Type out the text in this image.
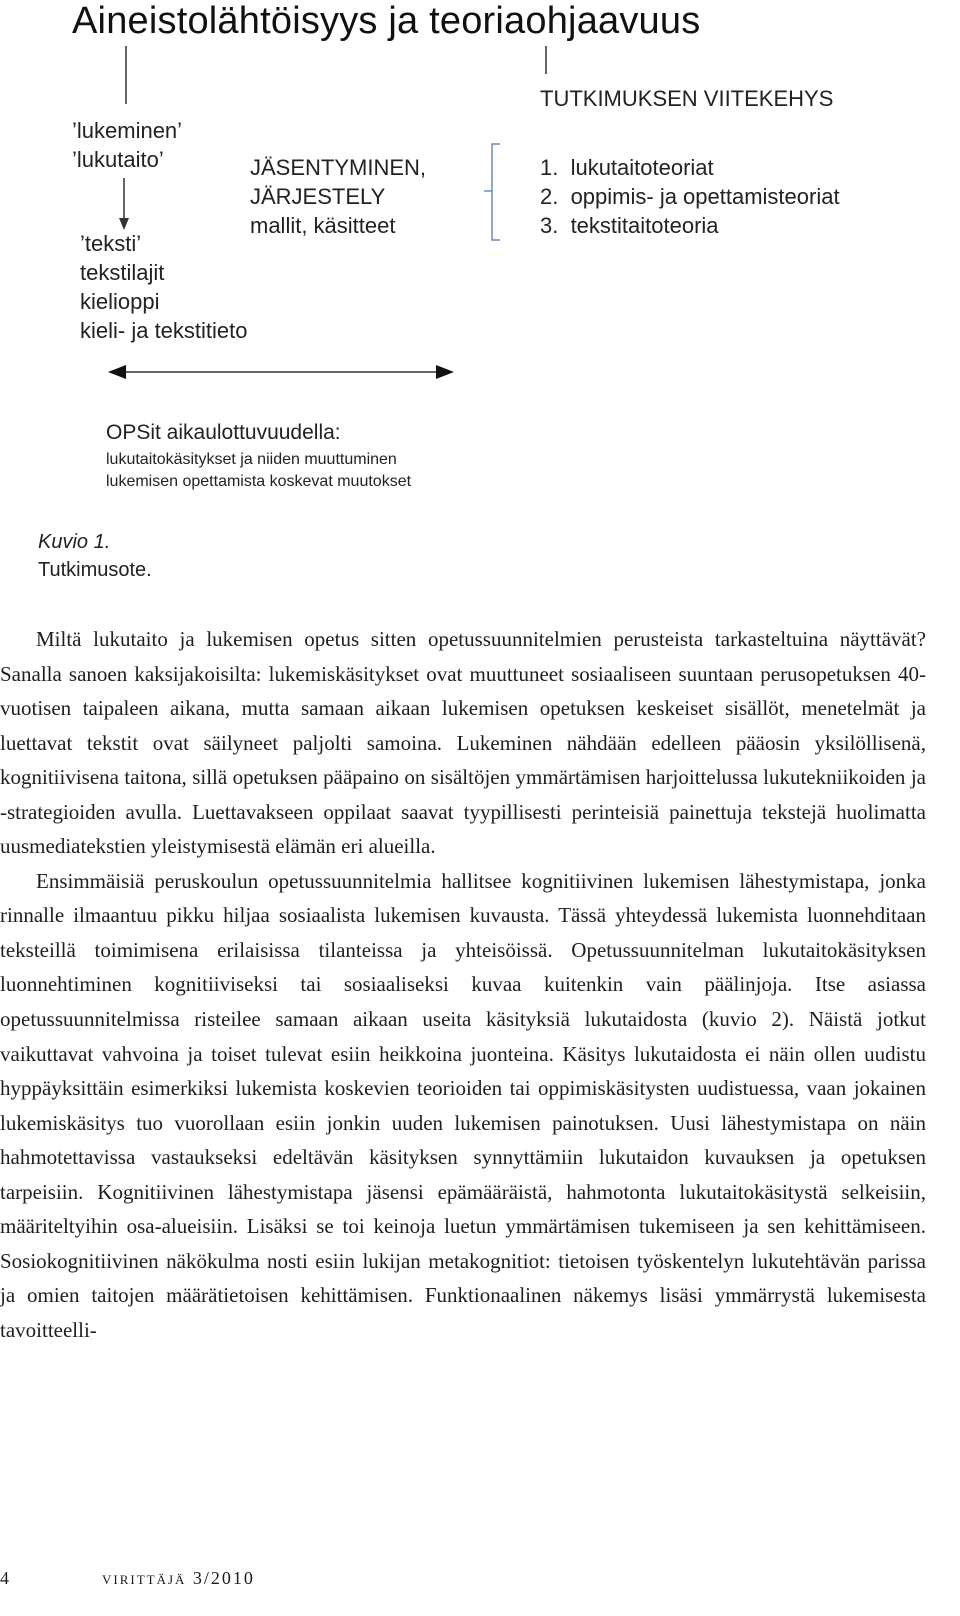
Aineistolähtöisyys ja teoriaohjaavuus
’lukeminen’
’lukutaito’
’teksti’
tekstilajit
kielioppi
kieli- ja tekstitieto
JÄSENTYMINEN,
JÄRJESTELY
mallit, käsitteet
TUTKIMUKSEN VIITEKEHYS
1.  lukutaitoteoriat
2.  oppimis- ja opettamisteoriat
3.  tekstitaitoteoria
OPSit aikaulottuvuudella:
lukutaitokäsitykset ja niiden muuttuminen
lukemisen opettamista koskevat muutokset
Kuvio 1.
Tutkimusote.

Miltä lukutaito ja lukemisen opetus sitten opetussuunnitelmien perusteista tarkasteltuina näyttävät? Sanalla sanoen kaksijakoisilta: lukemiskäsitykset ovat muuttuneet sosiaaliseen suuntaan perusopetuksen 40-vuotisen taipaleen aikana, mutta samaan aikaan lukemisen opetuksen keskeiset sisällöt, menetelmät ja luettavat tekstit ovat säilyneet paljolti samoina. Lukeminen nähdään edelleen pääosin yksilöllisenä, kognitiivisena taitona, sillä opetuksen pääpaino on sisältöjen ymmärtämisen harjoittelussa lukutekniikoiden ja -strategioiden avulla. Luettavakseen oppilaat saavat tyypillisesti perinteisiä painettuja tekstejä huolimatta uusmediatekstien yleistymisestä elämän eri alueilla.

Ensimmäisiä peruskoulun opetussuunnitelmia hallitsee kognitiivinen lukemisen lähestymistapa, jonka rinnalle ilmaantuu pikku hiljaa sosiaalista lukemisen kuvausta. Tässä yhteydessä lukemista luonnehditaan teksteillä toimimisena erilaisissa tilanteissa ja yhteisöissä. Opetussuunnitelman lukutaitokäsityksen luonnehtiminen kognitiiviseksi tai sosiaaliseksi kuvaa kuitenkin vain päälinjoja. Itse asiassa opetussuunnitelmissa risteilee samaan aikaan useita käsityksiä lukutaidosta (kuvio 2). Näistä jotkut vaikuttavat vahvoina ja toiset tulevat esiin heikkoina juonteina. Käsitys lukutaidosta ei näin ollen uudistu hyppäyksittäin esimerkiksi lukemista koskevien teorioiden tai oppimiskäsitysten uudistuessa, vaan jokainen lukemiskäsitys tuo vuorollaan esiin jonkin uuden lukemisen painotuksen. Uusi lähestymistapa on näin hahmotettavissa vastaukseksi edeltävän käsityksen synnyttämiin lukutaidon kuvauksen ja opetuksen tarpeisiin. Kognitiivinen lähestymistapa jäsensi epämääräistä, hahmotonta lukutaitokäsitystä selkeisiin, määriteltyihin osa-alueisiin. Lisäksi se toi keinoja luetun ymmärtämisen tukemiseen ja sen kehittämiseen. Sosiokognitiivinen näkökulma nosti esiin lukijan metakognitiot: tietoisen työskentelyn lukutehtävän parissa ja omien taitojen määrätietoisen kehittämisen. Funktionaalinen näkemys lisäsi ymmärrystä lukemisesta tavoitteelli-

4	virittäjä 3/2010
